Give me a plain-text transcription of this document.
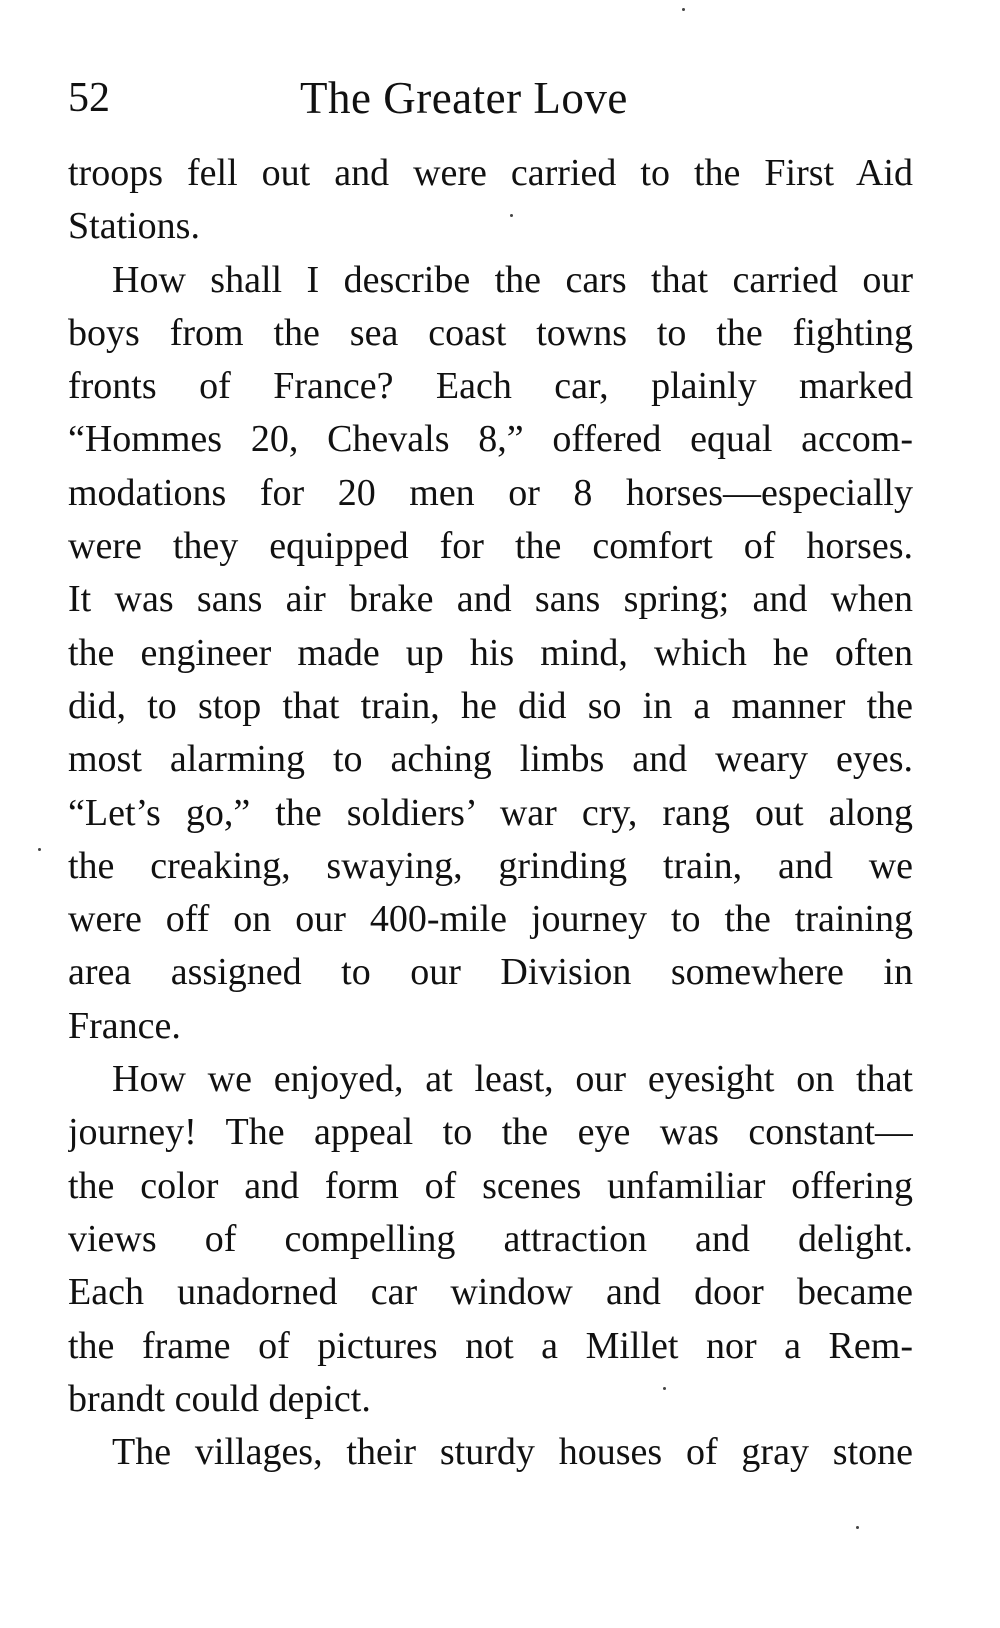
52	The Greater Love
troops fell out and were carried to the First Aid
Stations.
How shall I describe the cars that carried our
boys from the sea coast towns to the fighting
fronts of France? Each car, plainly marked
“Hommes 20, Chevals 8,” offered equal accom-
modations for 20 men or 8 horses—especially
were they equipped for the comfort of horses.
It was sans air brake and sans spring; and when
the engineer made up his mind, which he often
did, to stop that train, he did so in a manner the
most alarming to aching limbs and weary eyes.
“Let’s go,” the soldiers’ war cry, rang out along
the creaking, swaying, grinding train, and we
were off on our 400-mile journey to the training
area assigned to our Division somewhere in
France.
How we enjoyed, at least, our eyesight on that
journey! The appeal to the eye was constant—
the color and form of scenes unfamiliar offering
views of compelling attraction and delight.
Each unadorned car window and door became
the frame of pictures not a Millet nor a Rem-
brandt could depict.
The villages, their sturdy houses of gray stone
